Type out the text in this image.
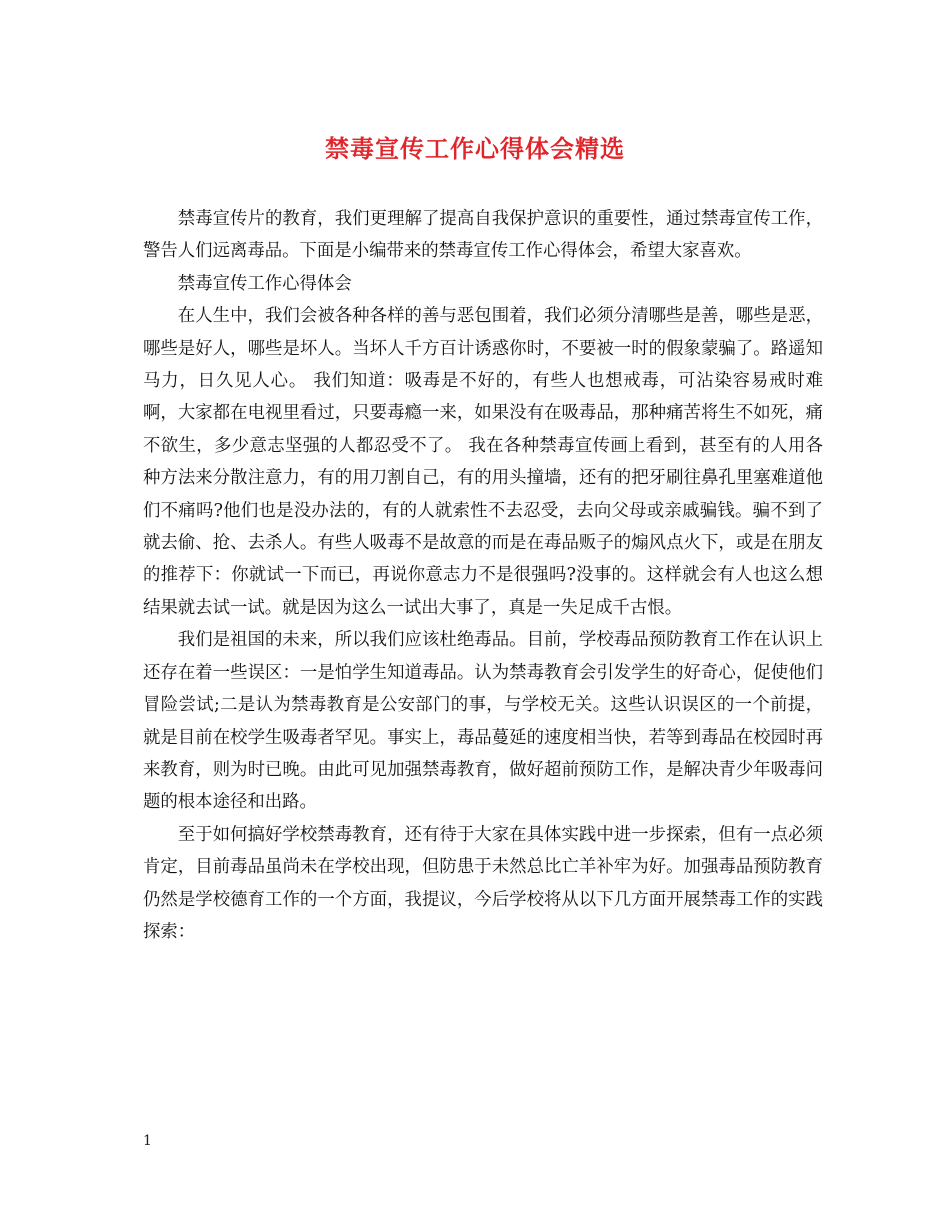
禁毒宣传工作心得体会精选

禁毒宣传片的教育，我们更理解了提高自我保护意识的重要性，通过禁毒宣传工作，警告人们远离毒品。下面是小编带来的禁毒宣传工作心得体会，希望大家喜欢。

禁毒宣传工作心得体会

在人生中，我们会被各种各样的善与恶包围着，我们必须分清哪些是善，哪些是恶，哪些是好人，哪些是坏人。当坏人千方百计诱惑你时，不要被一时的假象蒙骗了。路遥知马力，日久见人心。 我们知道：吸毒是不好的，有些人也想戒毒，可沾染容易戒时难啊，大家都在电视里看过，只要毒瘾一来，如果没有在吸毒品，那种痛苦将生不如死，痛不欲生，多少意志坚强的人都忍受不了。 我在各种禁毒宣传画上看到，甚至有的人用各种方法来分散注意力，有的用刀割自己，有的用头撞墙，还有的把牙刷往鼻孔里塞难道他们不痛吗?他们也是没办法的，有的人就索性不去忍受，去向父母或亲戚骗钱。骗不到了就去偷、抢、去杀人。有些人吸毒不是故意的而是在毒品贩子的煽风点火下，或是在朋友的推荐下：你就试一下而已，再说你意志力不是很强吗?没事的。这样就会有人也这么想结果就去试一试。就是因为这么一试出大事了，真是一失足成千古恨。

我们是祖国的未来，所以我们应该杜绝毒品。目前，学校毒品预防教育工作在认识上还存在着一些误区：一是怕学生知道毒品。认为禁毒教育会引发学生的好奇心，促使他们冒险尝试;二是认为禁毒教育是公安部门的事，与学校无关。这些认识误区的一个前提，就是目前在校学生吸毒者罕见。事实上，毒品蔓延的速度相当快，若等到毒品在校园时再来教育，则为时已晚。由此可见加强禁毒教育，做好超前预防工作，是解决青少年吸毒问题的根本途径和出路。

至于如何搞好学校禁毒教育，还有待于大家在具体实践中进一步探索，但有一点必须肯定，目前毒品虽尚未在学校出现，但防患于未然总比亡羊补牢为好。加强毒品预防教育仍然是学校德育工作的一个方面，我提议，今后学校将从以下几方面开展禁毒工作的实践探索：

1
